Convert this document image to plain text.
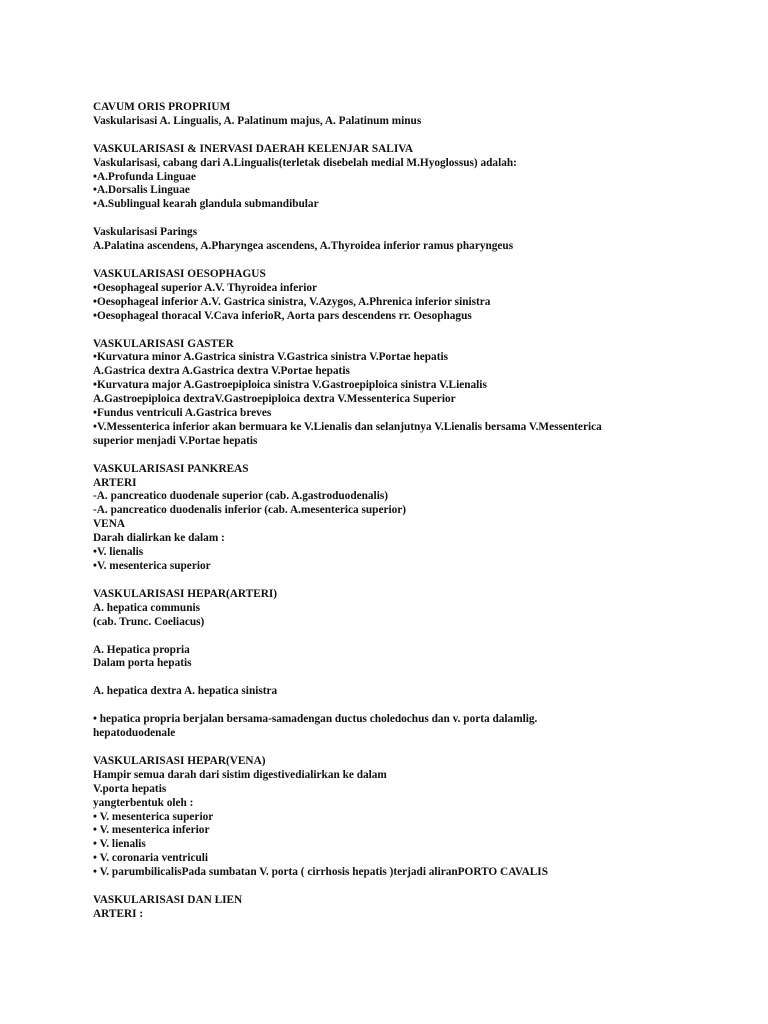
CAVUM ORIS PROPRIUM
Vaskularisasi A. Lingualis, A. Palatinum majus, A. Palatinum minus
VASKULARISASI & INERVASI DAERAH KELENJAR SALIVA
Vaskularisasi, cabang dari A.Lingualis(terletak disebelah medial M.Hyoglossus) adalah:
•A.Profunda Linguae
•A.Dorsalis Linguae
•A.Sublingual kearah glandula submandibular
Vaskularisasi Parings
A.Palatina ascendens, A.Pharyngea ascendens, A.Thyroidea inferior ramus pharyngeus
VASKULARISASI OESOPHAGUS
•Oesophageal superior A.V. Thyroidea inferior
•Oesophageal inferior A.V. Gastrica sinistra, V.Azygos, A.Phrenica inferior sinistra
•Oesophageal thoracal V.Cava inferioR, Aorta pars descendens rr. Oesophagus
VASKULARISASI GASTER
•Kurvatura minor A.Gastrica sinistra V.Gastrica sinistra V.Portae hepatis
A.Gastrica dextra A.Gastrica dextra V.Portae hepatis
•Kurvatura major A.Gastroepiploica sinistra V.Gastroepiploica sinistra V.Lienalis
A.Gastroepiploica dextraV.Gastroepiploica dextra V.Messenterica Superior
•Fundus ventriculi A.Gastrica breves
•V.Messenterica inferior akan bermuara ke V.Lienalis dan selanjutnya V.Lienalis bersama V.Messenterica
superior menjadi V.Portae hepatis
VASKULARISASI PANKREAS
ARTERI
-A. pancreatico duodenale superior (cab. A.gastroduodenalis)
-A. pancreatico duodenalis inferior (cab. A.mesenterica superior)
VENA
Darah dialirkan ke dalam :
•V. lienalis
•V. mesenterica superior
VASKULARISASI HEPAR(ARTERI)
A. hepatica communis
(cab. Trunc. Coeliacus)
A. Hepatica propria
Dalam porta hepatis
A. hepatica dextra A. hepatica sinistra
• hepatica propria berjalan bersama-samadengan ductus choledochus dan v. porta dalamlig.
hepatoduodenale
VASKULARISASI HEPAR(VENA)
Hampir semua darah dari sistim digestivedialirkan ke dalam
V.porta hepatis
yangterbentuk oleh :
• V. mesenterica superior
• V. mesenterica inferior
• V. lienalis
• V. coronaria ventriculi
• V. parumbilicalisPada sumbatan V. porta ( cirrhosis hepatis )terjadi aliranPORTO CAVALIS
VASKULARISASI DAN LIEN
ARTERI :
